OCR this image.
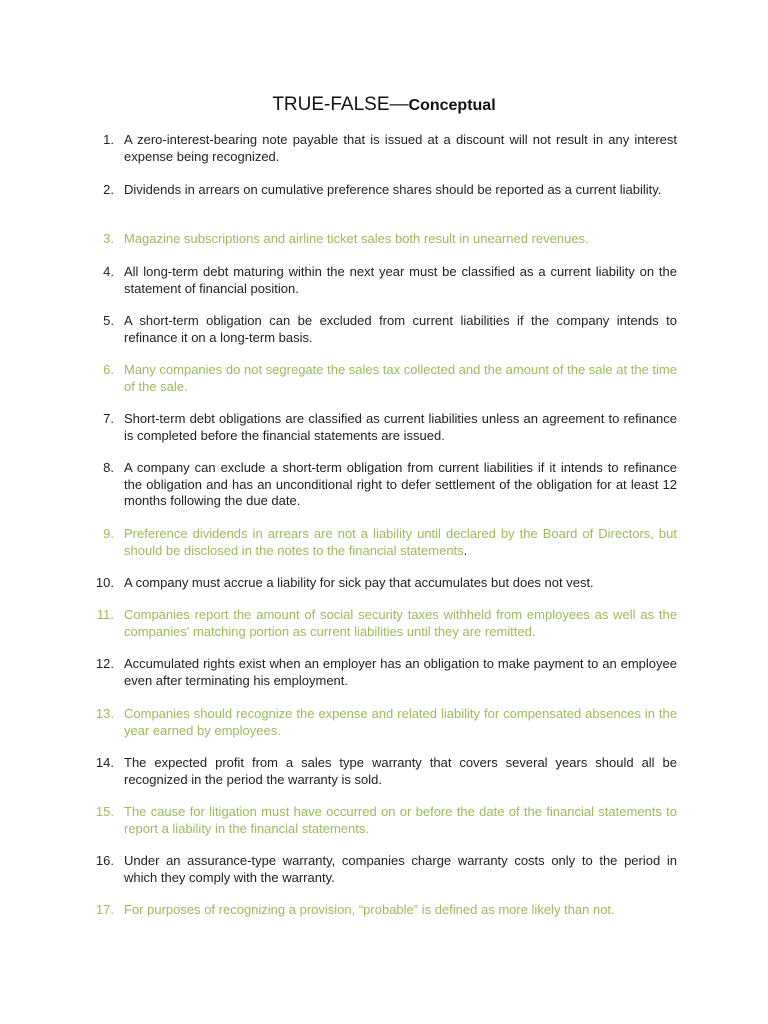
TRUE-FALSE—Conceptual
1. A zero-interest-bearing note payable that is issued at a discount will not result in any interest expense being recognized.
2. Dividends in arrears on cumulative preference shares should be reported as a current liability.
3. Magazine subscriptions and airline ticket sales both result in unearned revenues.
4. All long-term debt maturing within the next year must be classified as a current liability on the statement of financial position.
5. A short-term obligation can be excluded from current liabilities if the company intends to refinance it on a long-term basis.
6. Many companies do not segregate the sales tax collected and the amount of the sale at the time of the sale.
7. Short-term debt obligations are classified as current liabilities unless an agreement to refinance is completed before the financial statements are issued.
8. A company can exclude a short-term obligation from current liabilities if it intends to refinance the obligation and has an unconditional right to defer settlement of the obligation for at least 12 months following the due date.
9. Preference dividends in arrears are not a liability until declared by the Board of Directors, but should be disclosed in the notes to the financial statements.
10. A company must accrue a liability for sick pay that accumulates but does not vest.
11. Companies report the amount of social security taxes withheld from employees as well as the companies' matching portion as current liabilities until they are remitted.
12. Accumulated rights exist when an employer has an obligation to make payment to an employee even after terminating his employment.
13. Companies should recognize the expense and related liability for compensated absences in the year earned by employees.
14. The expected profit from a sales type warranty that covers several years should all be recognized in the period the warranty is sold.
15. The cause for litigation must have occurred on or before the date of the financial statements to report a liability in the financial statements.
16. Under an assurance-type warranty, companies charge warranty costs only to the period in which they comply with the warranty.
17. For purposes of recognizing a provision, “probable” is defined as more likely than not.
